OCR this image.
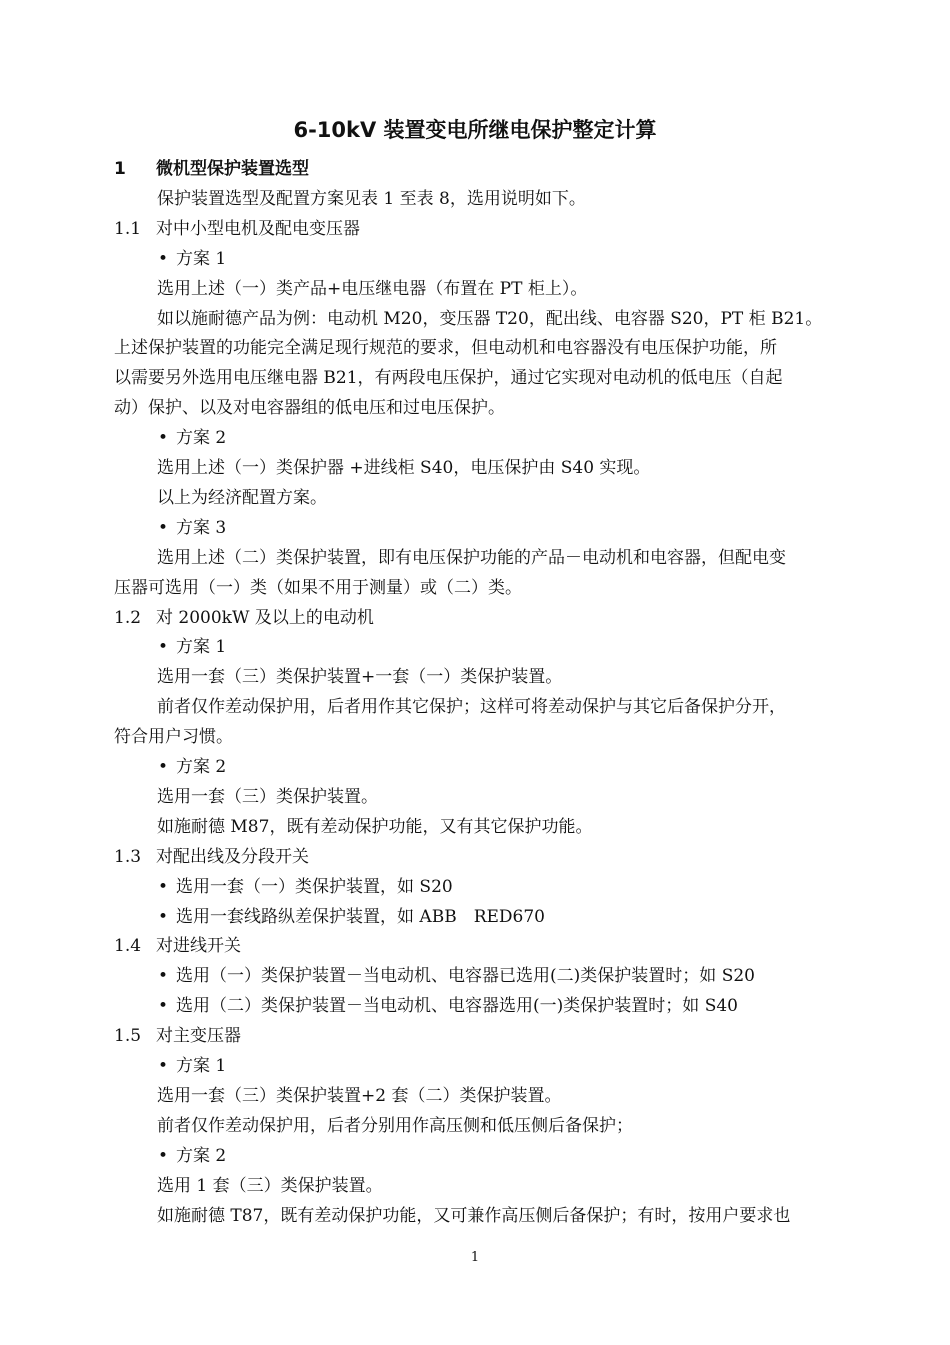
6-10kV 装置变电所继电保护整定计算
1 微机型保护装置选型
保护装置选型及配置方案见表 1 至表 8，选用说明如下。
1.1 对中小型电机及配电变压器
• 方案 1
选用上述（一）类产品+电压继电器（布置在 PT 柜上）。
如以施耐德产品为例：电动机 M20，变压器 T20，配出线、电容器 S20，PT 柜 B21。
上述保护装置的功能完全满足现行规范的要求，但电动机和电容器没有电压保护功能，所
以需要另外选用电压继电器 B21，有两段电压保护，通过它实现对电动机的低电压（自起
动）保护、以及对电容器组的低电压和过电压保护。
• 方案 2
选用上述（一）类保护器 +进线柜 S40，电压保护由 S40 实现。
以上为经济配置方案。
• 方案 3
选用上述（二）类保护装置，即有电压保护功能的产品－电动机和电容器，但配电变
压器可选用（一）类（如果不用于测量）或（二）类。
1.2 对 2000kW 及以上的电动机
• 方案 1
选用一套（三）类保护装置+一套（一）类保护装置。
前者仅作差动保护用，后者用作其它保护；这样可将差动保护与其它后备保护分开，
符合用户习惯。
• 方案 2
选用一套（三）类保护装置。
如施耐德 M87，既有差动保护功能，又有其它保护功能。
1.3 对配出线及分段开关
• 选用一套（一）类保护装置，如 S20
• 选用一套线路纵差保护装置，如 ABB　RED670
1.4 对进线开关
• 选用（一）类保护装置－当电动机、电容器已选用(二)类保护装置时；如 S20
• 选用（二）类保护装置－当电动机、电容器选用(一)类保护装置时；如 S40
1.5 对主变压器
• 方案 1
选用一套（三）类保护装置+2 套（二）类保护装置。
前者仅作差动保护用，后者分别用作高压侧和低压侧后备保护；
• 方案 2
选用 1 套（三）类保护装置。
如施耐德 T87，既有差动保护功能，又可兼作高压侧后备保护；有时，按用户要求也
1
